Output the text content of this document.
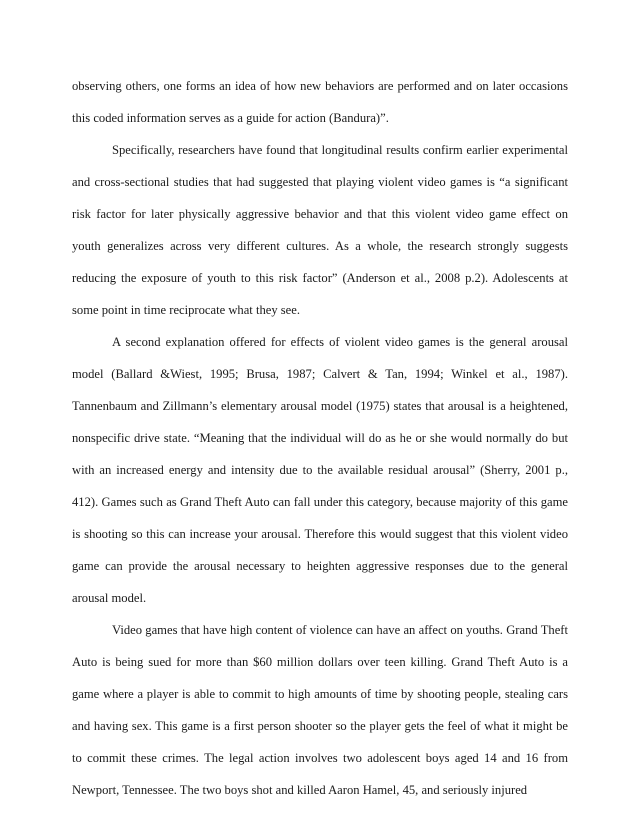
observing others, one forms an idea of how new behaviors are performed and on later occasions this coded information serves as a guide for action (Bandura)”.

Specifically, researchers have found that longitudinal results confirm earlier experimental and cross-sectional studies that had suggested that playing violent video games is “a significant risk factor for later physically aggressive behavior and that this violent video game effect on youth generalizes across very different cultures. As a whole, the research strongly suggests reducing the exposure of youth to this risk factor” (Anderson et al., 2008 p.2). Adolescents at some point in time reciprocate what they see.

A second explanation offered for effects of violent video games is the general arousal model (Ballard &Wiest, 1995; Brusa, 1987; Calvert & Tan, 1994; Winkel et al., 1987). Tannenbaum and Zillmann’s elementary arousal model (1975) states that arousal is a heightened, nonspecific drive state. “Meaning that the individual will do as he or she would normally do but with an increased energy and intensity due to the available residual arousal” (Sherry, 2001 p., 412). Games such as Grand Theft Auto can fall under this category, because majority of this game is shooting so this can increase your arousal. Therefore this would suggest that this violent video game can provide the arousal necessary to heighten aggressive responses due to the general arousal model.

Video games that have high content of violence can have an affect on youths. Grand Theft Auto is being sued for more than $60 million dollars over teen killing. Grand Theft Auto is a game where a player is able to commit to high amounts of time by shooting people, stealing cars and having sex. This game is a first person shooter so the player gets the feel of what it might be to commit these crimes. The legal action involves two adolescent boys aged 14 and 16 from Newport, Tennessee. The two boys shot and killed Aaron Hamel, 45, and seriously injured
